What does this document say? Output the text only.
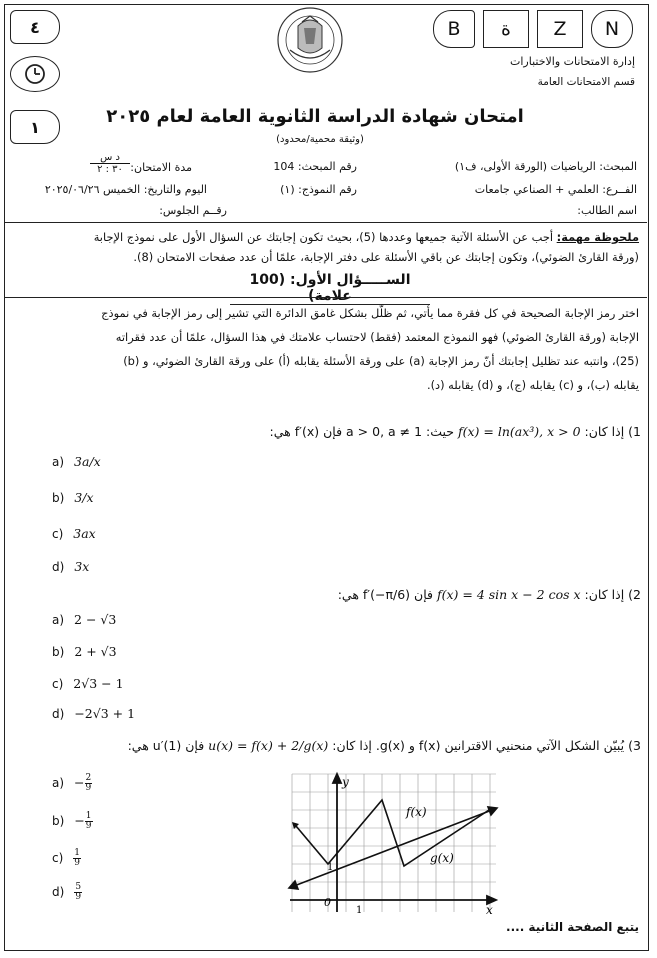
٤
١
B ة Z N
إدارة الامتحانات والاختبارات
قسم الامتحانات العامة
امتحان شهادة الدراسة الثانوية العامة لعام ٢٠٢٥
(وثيقة محمية/محدود)
المبحث: الرياضيات (الورقة الأولى، ف١)
رقم المبحث: 104
مدة الامتحان:
د س
٣٠ : ٢
الفــرع: العلمي + الصناعي جامعات
رقم النموذج: (١)
اليوم والتاريخ: الخميس ٢٠٢٥/٠٦/٢٦
اسم الطالب:
رقــم الجلوس:
ملحوظة مهمة: أجب عن الأسئلة الآتية جميعها وعددها (5)، بحيث تكون إجابتك عن السؤال الأول على نموذج الإجابة
(ورقة القارئ الضوئي)، وتكون إجابتك عن باقي الأسئلة على دفتر الإجابة، علمًا أن عدد صفحات الامتحان (8).
الســـــؤال الأول: (100 علامة)
اختر رمز الإجابة الصحيحة في كل فقرة مما يأتي، ثم ظلّل بشكل غامق الدائرة التي تشير إلى رمز الإجابة في نموذج
الإجابة (ورقة القارئ الضوئي) فهو النموذج المعتمد (فقط) لاحتساب علامتك في هذا السؤال، علمًا أن عدد فقراته
(25)، وانتبه عند تظليل إجابتك أنّ رمز الإجابة (a) على ورقة الأسئلة يقابله (أ) على ورقة القارئ الضوئي، و (b)
يقابله (ب)، و (c) يقابله (ج)، و (d) يقابله (د).
1) إذا كان: f(x) = ln(ax³), x > 0 حيث: a > 0, a ≠ 1 فإن f′(x) هي:
a) 3a/x
b) 3/x
c) 3ax
d) 3x
2) إذا كان: f(x) = 4 sin x − 2 cos x فإن f′(−π/6) هي:
a) 2 − √3
b) 2 + √3
c) 2√3 − 1
d) −2√3 + 1
3) يُبيّن الشكل الآتي منحنيي الاقترانين f(x) و g(x). إذا كان: u(x) = f(x) + 2/g(x) فإن u′(1) هي:
$a) - \frac{2}{9}$
$b) - \frac{1}{9}$
$c) \frac{1}{9}$
$d) \frac{5}{9}$
y
x
0
1
1
f(x)
g(x)
يتبع الصفحة الثانية ....
